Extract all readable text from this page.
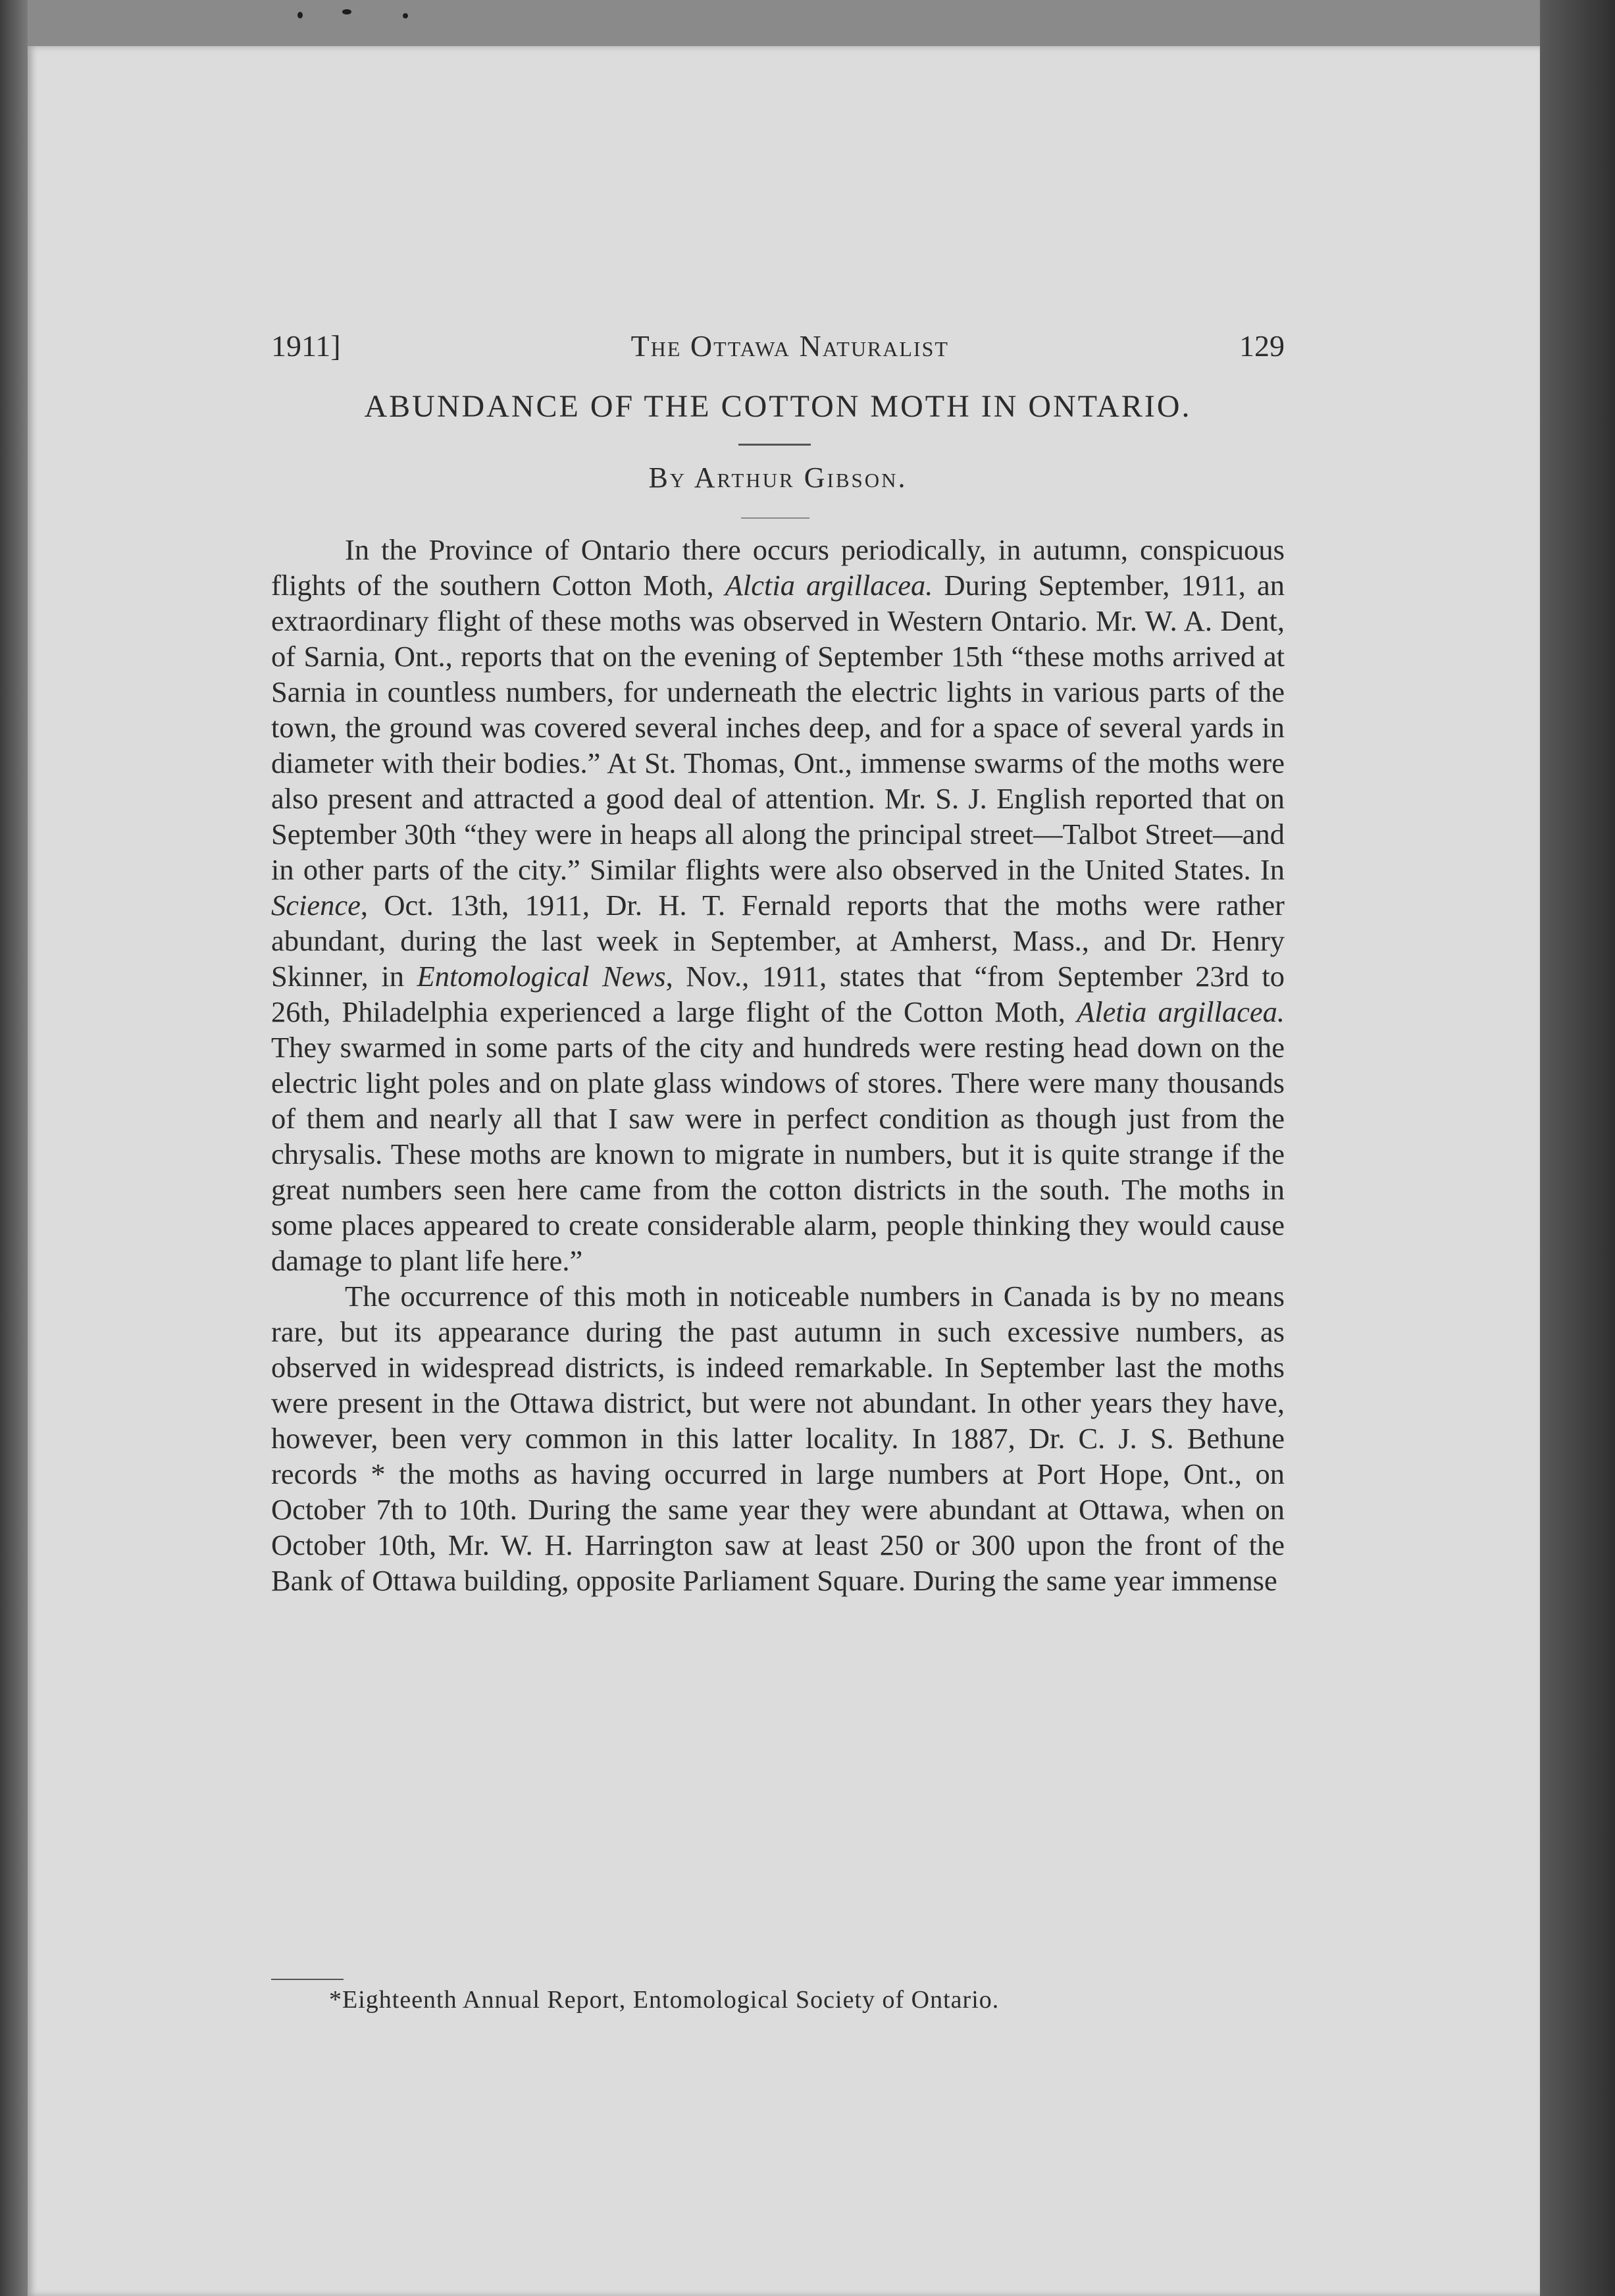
1911]	The Ottawa Naturalist	129
ABUNDANCE OF THE COTTON MOTH IN ONTARIO.
By Arthur Gibson.

In the Province of Ontario there occurs periodically, in autumn, conspicuous flights of the southern Cotton Moth, Alctia argillacea. During September, 1911, an extraordinary flight of these moths was observed in Western Ontario. Mr. W. A. Dent, of Sarnia, Ont., reports that on the evening of September 15th “these moths arrived at Sarnia in countless numbers, for underneath the electric lights in various parts of the town, the ground was covered several inches deep, and for a space of several yards in diameter with their bodies.” At St. Thomas, Ont., immense swarms of the moths were also present and attracted a good deal of attention. Mr. S. J. English reported that on September 30th “they were in heaps all along the principal street—Talbot Street—and in other parts of the city.” Similar flights were also observed in the United States. In Science, Oct. 13th, 1911, Dr. H. T. Fernald reports that the moths were rather abundant, during the last week in September, at Amherst, Mass., and Dr. Henry Skinner, in Entomological News, Nov., 1911, states that “from September 23rd to 26th, Philadelphia experienced a large flight of the Cotton Moth, Aletia argillacea. They swarmed in some parts of the city and hundreds were resting head down on the electric light poles and on plate glass windows of stores. There were many thousands of them and nearly all that I saw were in perfect condition as though just from the chrysalis. These moths are known to migrate in numbers, but it is quite strange if the great numbers seen here came from the cotton districts in the south. The moths in some places appeared to create considerable alarm, people thinking they would cause damage to plant life here.”

The occurrence of this moth in noticeable numbers in Canada is by no means rare, but its appearance during the past autumn in such excessive numbers, as observed in widespread districts, is indeed remarkable. In September last the moths were present in the Ottawa district, but were not abundant. In other years they have, however, been very common in this latter locality. In 1887, Dr. C. J. S. Bethune records * the moths as having occurred in large numbers at Port Hope, Ont., on October 7th to 10th. During the same year they were abundant at Ottawa, when on October 10th, Mr. W. H. Harrington saw at least 250 or 300 upon the front of the Bank of Ottawa building, opposite Parliament Square. During the same year immense

*Eighteenth Annual Report, Entomological Society of Ontario.
